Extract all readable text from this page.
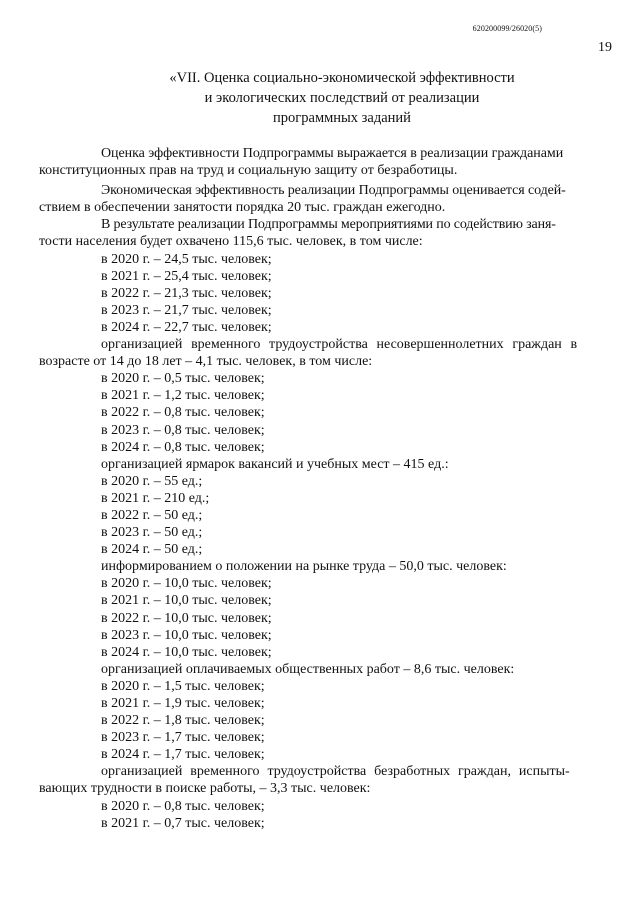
620200099/26020(5)
19
«VII. Оценка социально-экономической эффективности
и экологических последствий от реализации
программных заданий
Оценка эффективности Подпрограммы выражается в реализации гражданами
конституционных прав на труд и социальную защиту от безработицы.
Экономическая эффективность реализации Подпрограммы оценивается содей-
ствием в обеспечении занятости порядка 20 тыс. граждан ежегодно.
В результате реализации Подпрограммы мероприятиями по содействию заня-
тости населения будет охвачено 115,6 тыс. человек, в том числе:
в 2020 г. – 24,5 тыс. человек;
в 2021 г. – 25,4 тыс. человек;
в 2022 г. – 21,3 тыс. человек;
в 2023 г. – 21,7 тыс. человек;
в 2024 г. – 22,7 тыс. человек;
организацией временного трудоустройства несовершеннолетних граждан в
возрасте от 14 до 18 лет – 4,1 тыс. человек, в том числе:
в 2020 г. – 0,5 тыс. человек;
в 2021 г. – 1,2 тыс. человек;
в 2022 г. – 0,8 тыс. человек;
в 2023 г. – 0,8 тыс. человек;
в 2024 г. – 0,8 тыс. человек;
организацией ярмарок вакансий и учебных мест – 415 ед.:
в 2020 г. – 55 ед.;
в 2021 г. – 210 ед.;
в 2022 г. – 50 ед.;
в 2023 г. – 50 ед.;
в 2024 г. – 50 ед.;
информированием о положении на рынке труда – 50,0 тыс. человек:
в 2020 г. – 10,0 тыс. человек;
в 2021 г. – 10,0 тыс. человек;
в 2022 г. – 10,0 тыс. человек;
в 2023 г. – 10,0 тыс. человек;
в 2024 г. – 10,0 тыс. человек;
организацией оплачиваемых общественных работ – 8,6 тыс. человек:
в 2020 г. – 1,5 тыс. человек;
в 2021 г. – 1,9 тыс. человек;
в 2022 г. – 1,8 тыс. человек;
в 2023 г. – 1,7 тыс. человек;
в 2024 г. – 1,7 тыс. человек;
организацией временного трудоустройства безработных граждан, испыты-
вающих трудности в поиске работы, – 3,3 тыс. человек:
в 2020 г. – 0,8 тыс. человек;
в 2021 г. – 0,7 тыс. человек;
